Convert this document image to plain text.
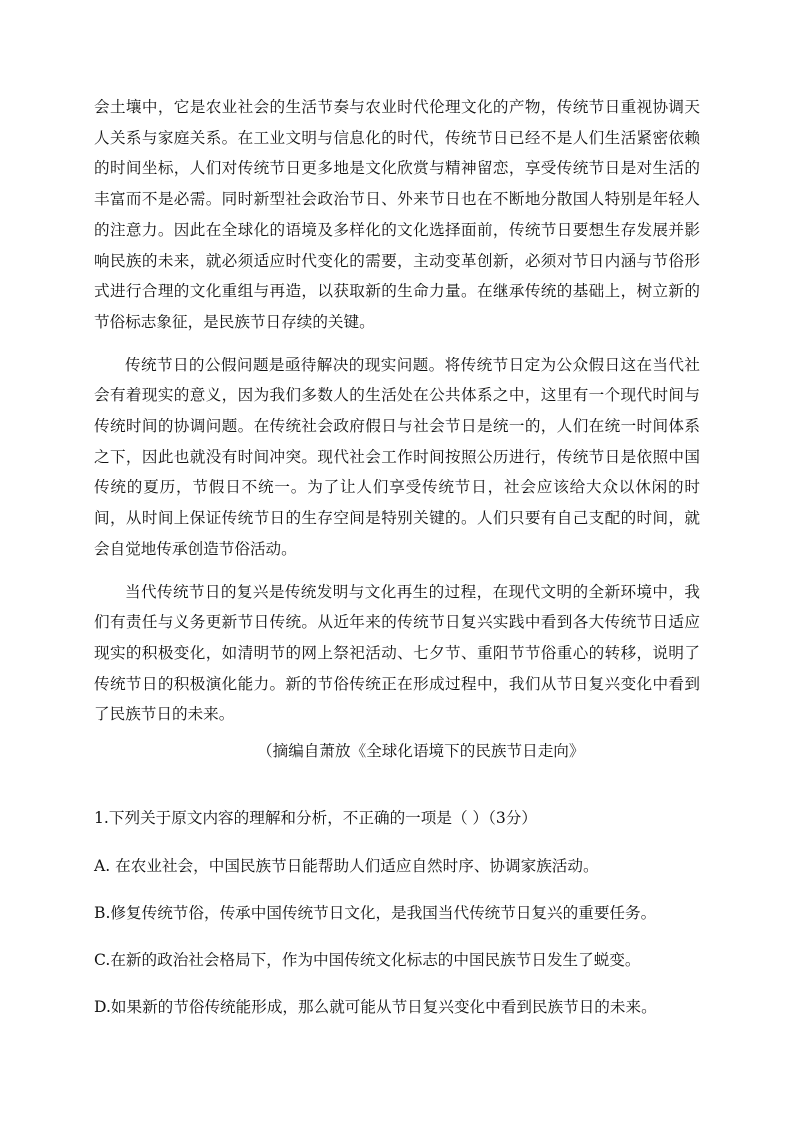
会土壤中，它是农业社会的生活节奏与农业时代伦理文化的产物，传统节日重视协调天人关系与家庭关系。在工业文明与信息化的时代，传统节日已经不是人们生活紧密依赖的时间坐标，人们对传统节日更多地是文化欣赏与精神留恋，享受传统节日是对生活的丰富而不是必需。同时新型社会政治节日、外来节日也在不断地分散国人特别是年轻人的注意力。因此在全球化的语境及多样化的文化选择面前，传统节日要想生存发展并影响民族的未来，就必须适应时代变化的需要，主动变革创新，必须对节日内涵与节俗形式进行合理的文化重组与再造，以获取新的生命力量。在继承传统的基础上，树立新的节俗标志象征，是民族节日存续的关键。

传统节日的公假问题是亟待解决的现实问题。将传统节日定为公众假日这在当代社会有着现实的意义，因为我们多数人的生活处在公共体系之中，这里有一个现代时间与传统时间的协调问题。在传统社会政府假日与社会节日是统一的，人们在统一时间体系之下，因此也就没有时间冲突。现代社会工作时间按照公历进行，传统节日是依照中国传统的夏历，节假日不统一。为了让人们享受传统节日，社会应该给大众以休闲的时间，从时间上保证传统节日的生存空间是特别关键的。人们只要有自己支配的时间，就会自觉地传承创造节俗活动。

当代传统节日的复兴是传统发明与文化再生的过程，在现代文明的全新环境中，我们有责任与义务更新节日传统。从近年来的传统节日复兴实践中看到各大传统节日适应现实的积极变化，如清明节的网上祭祀活动、七夕节、重阳节节俗重心的转移，说明了传统节日的积极演化能力。新的节俗传统正在形成过程中，我们从节日复兴变化中看到了民族节日的未来。

（摘编自萧放《全球化语境下的民族节日走向》

1.下列关于原文内容的理解和分析，不正确的一项是（ ）（3分）

A. 在农业社会，中国民族节日能帮助人们适应自然时序、协调家族活动。

B.修复传统节俗，传承中国传统节日文化，是我国当代传统节日复兴的重要任务。

C.在新的政治社会格局下，作为中国传统文化标志的中国民族节日发生了蜕变。

D.如果新的节俗传统能形成，那么就可能从节日复兴变化中看到民族节日的未来。
